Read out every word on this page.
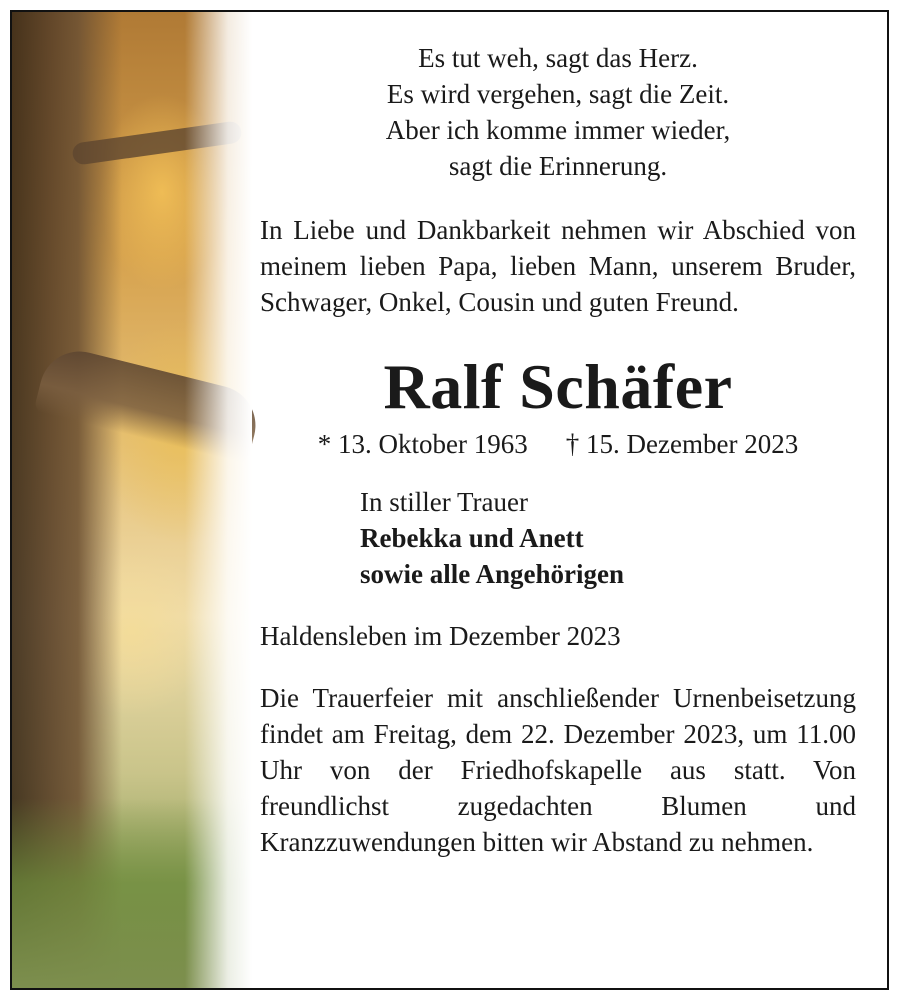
Es tut weh, sagt das Herz.
Es wird vergehen, sagt die Zeit.
Aber ich komme immer wieder,
sagt die Erinnerung.
In Liebe und Dankbarkeit nehmen wir Abschied von meinem lieben Papa, lieben Mann, unserem Bruder, Schwager, Onkel, Cousin und guten Freund.
Ralf Schäfer
* 13. Oktober 1963 † 15. Dezember 2023
In stiller Trauer
Rebekka und Anett
sowie alle Angehörigen
Haldensleben im Dezember 2023
Die Trauerfeier mit anschließender Urnenbeisetzung findet am Freitag, dem 22. Dezember 2023, um 11.00 Uhr von der Friedhofskapelle aus statt. Von freundlichst zugedachten Blumen und Kranzzuwendungen bitten wir Abstand zu nehmen.
